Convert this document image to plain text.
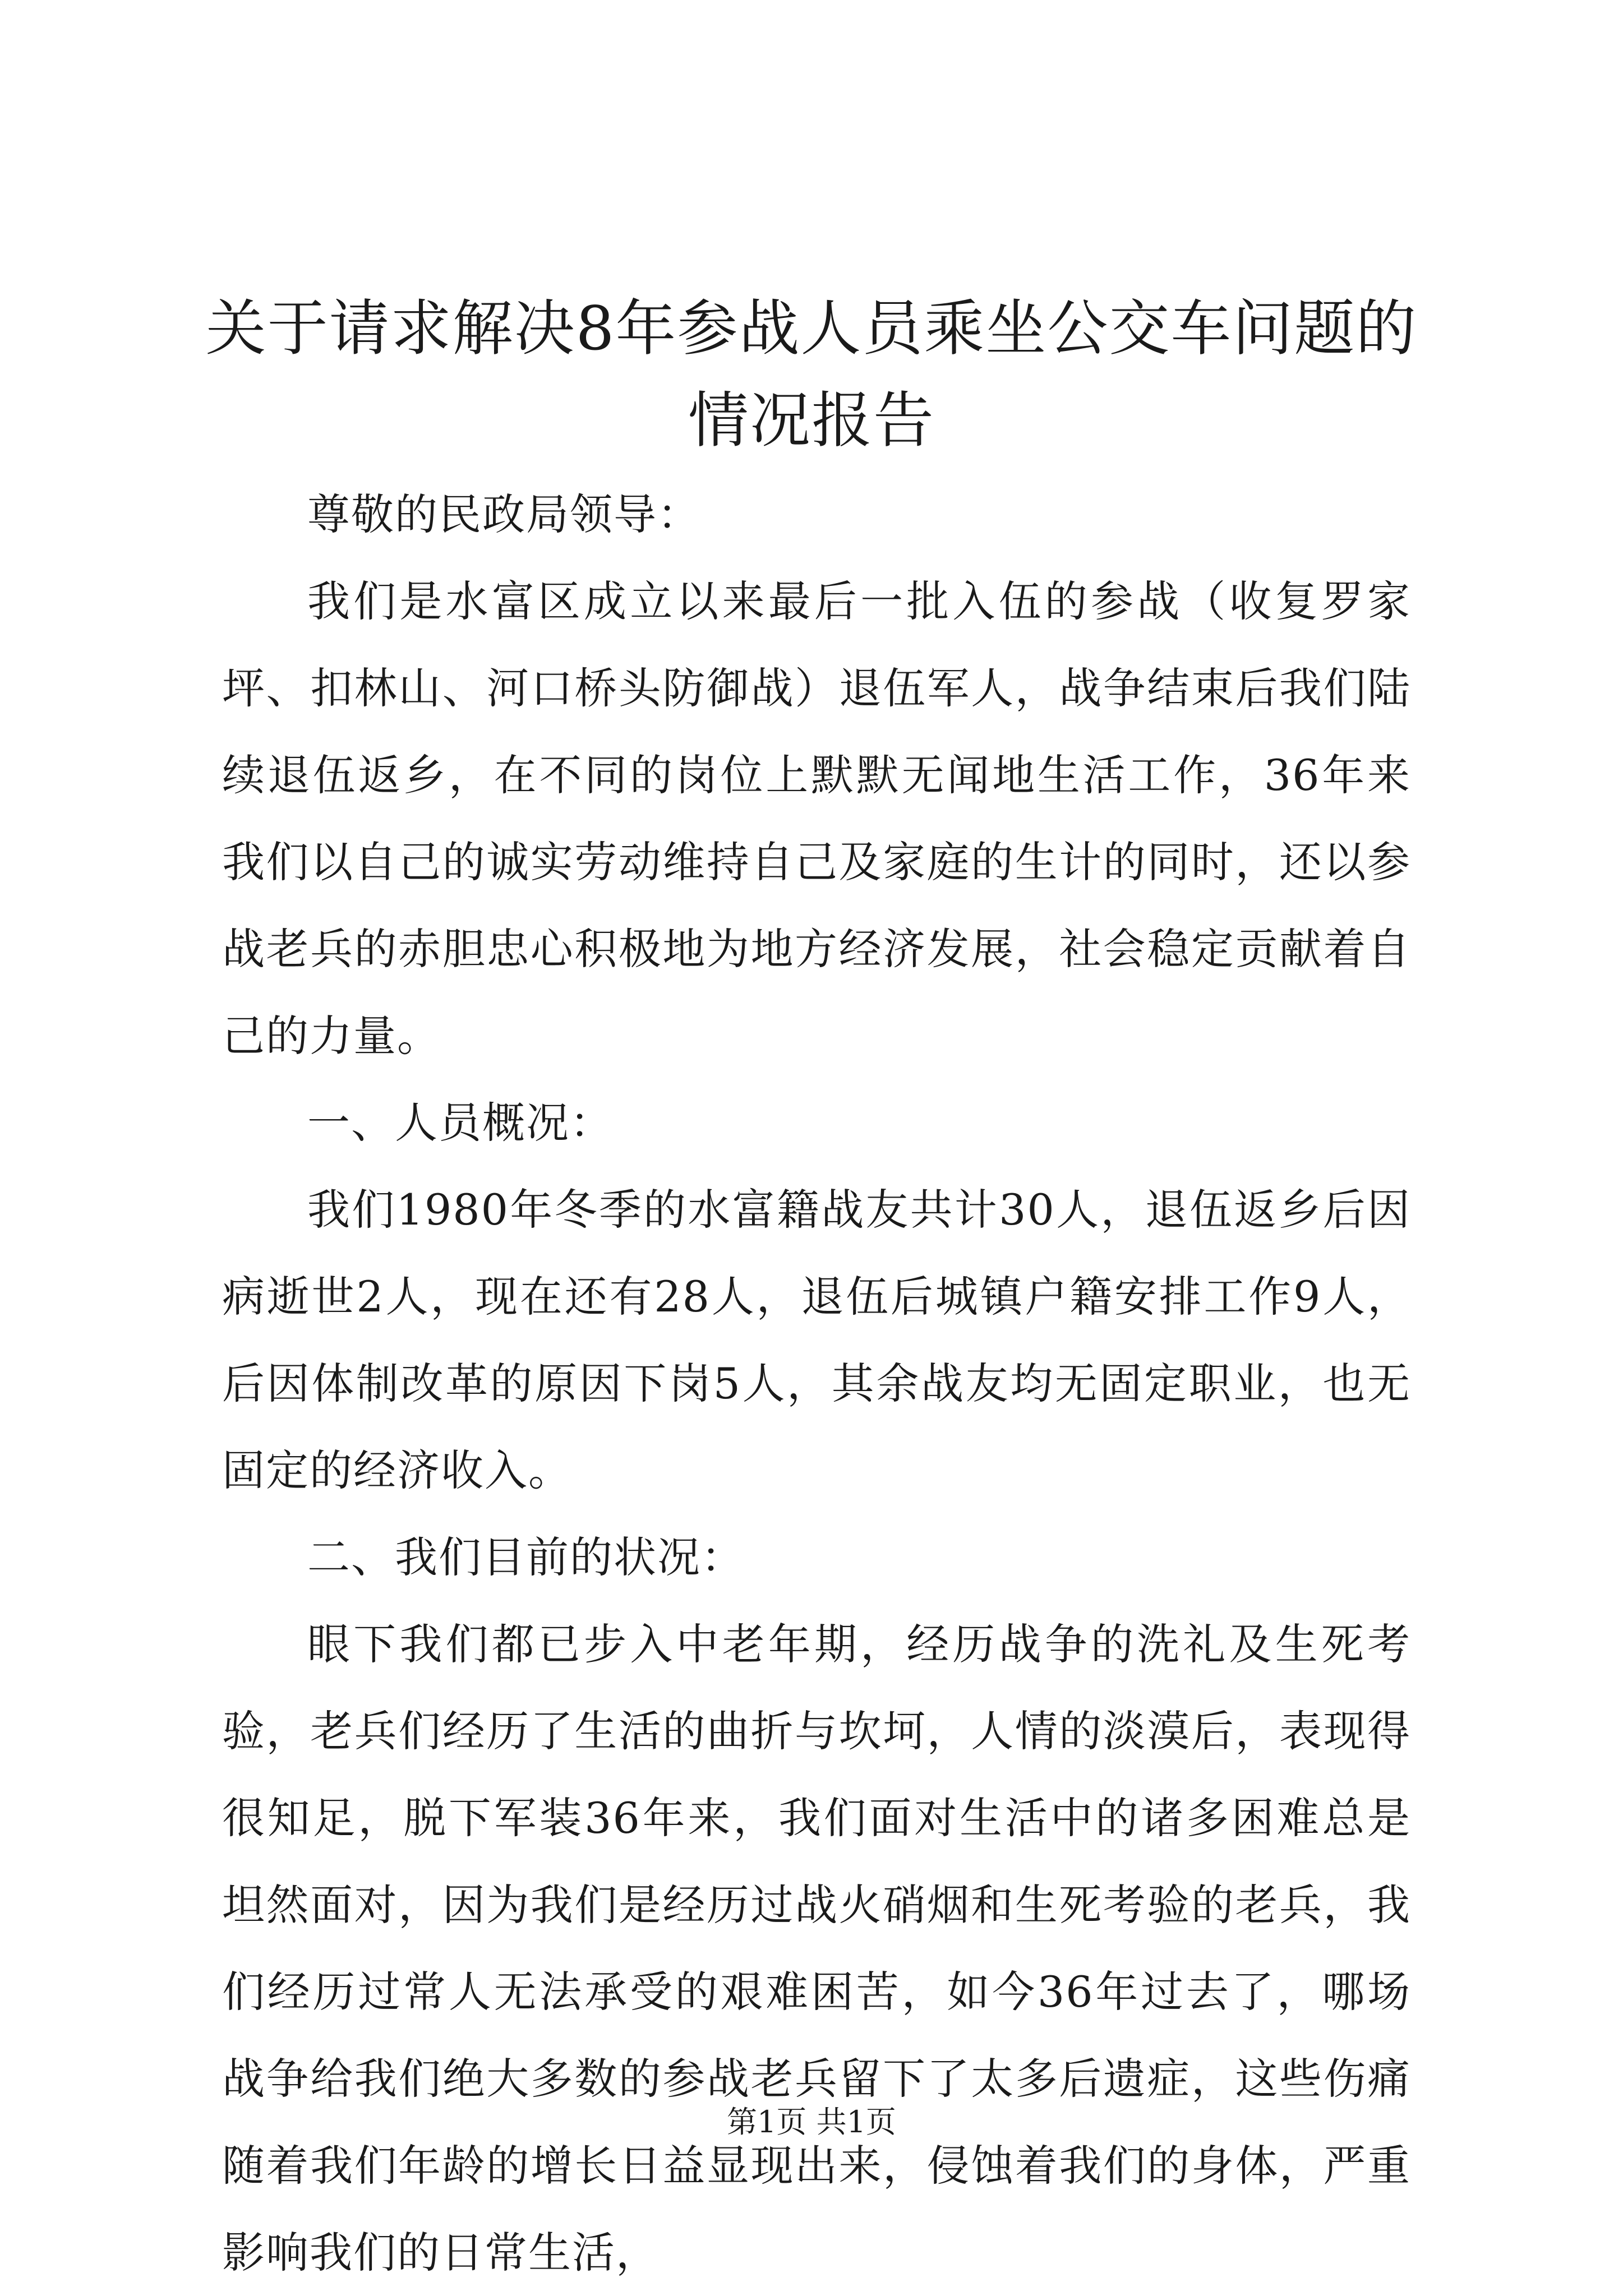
关于请求解决8年参战人员乘坐公交车问题的
情况报告

尊敬的民政局领导：

我们是水富区成立以来最后一批入伍的参战（收复罗家坪、扣林山、河口桥头防御战）退伍军人，战争结束后我们陆续退伍返乡，在不同的岗位上默默无闻地生活工作，36年来我们以自己的诚实劳动维持自己及家庭的生计的同时，还以参战老兵的赤胆忠心积极地为地方经济发展，社会稳定贡献着自己的力量。

一、人员概况：

我们1980年冬季的水富籍战友共计30人，退伍返乡后因病逝世2人，现在还有28人，退伍后城镇户籍安排工作9人，后因体制改革的原因下岗5人，其余战友均无固定职业，也无固定的经济收入。

二、我们目前的状况：

眼下我们都已步入中老年期，经历战争的洗礼及生死考验，老兵们经历了生活的曲折与坎坷，人情的淡漠后，表现得很知足，脱下军装36年来，我们面对生活中的诸多困难总是坦然面对，因为我们是经历过战火硝烟和生死考验的老兵，我们经历过常人无法承受的艰难困苦，如今36年过去了，哪场战争给我们绝大多数的参战老兵留下了太多后遗症，这些伤痛随着我们年龄的增长日益显现出来，侵蚀着我们的身体，严重影响我们的日常生活，

第1页 共1页
